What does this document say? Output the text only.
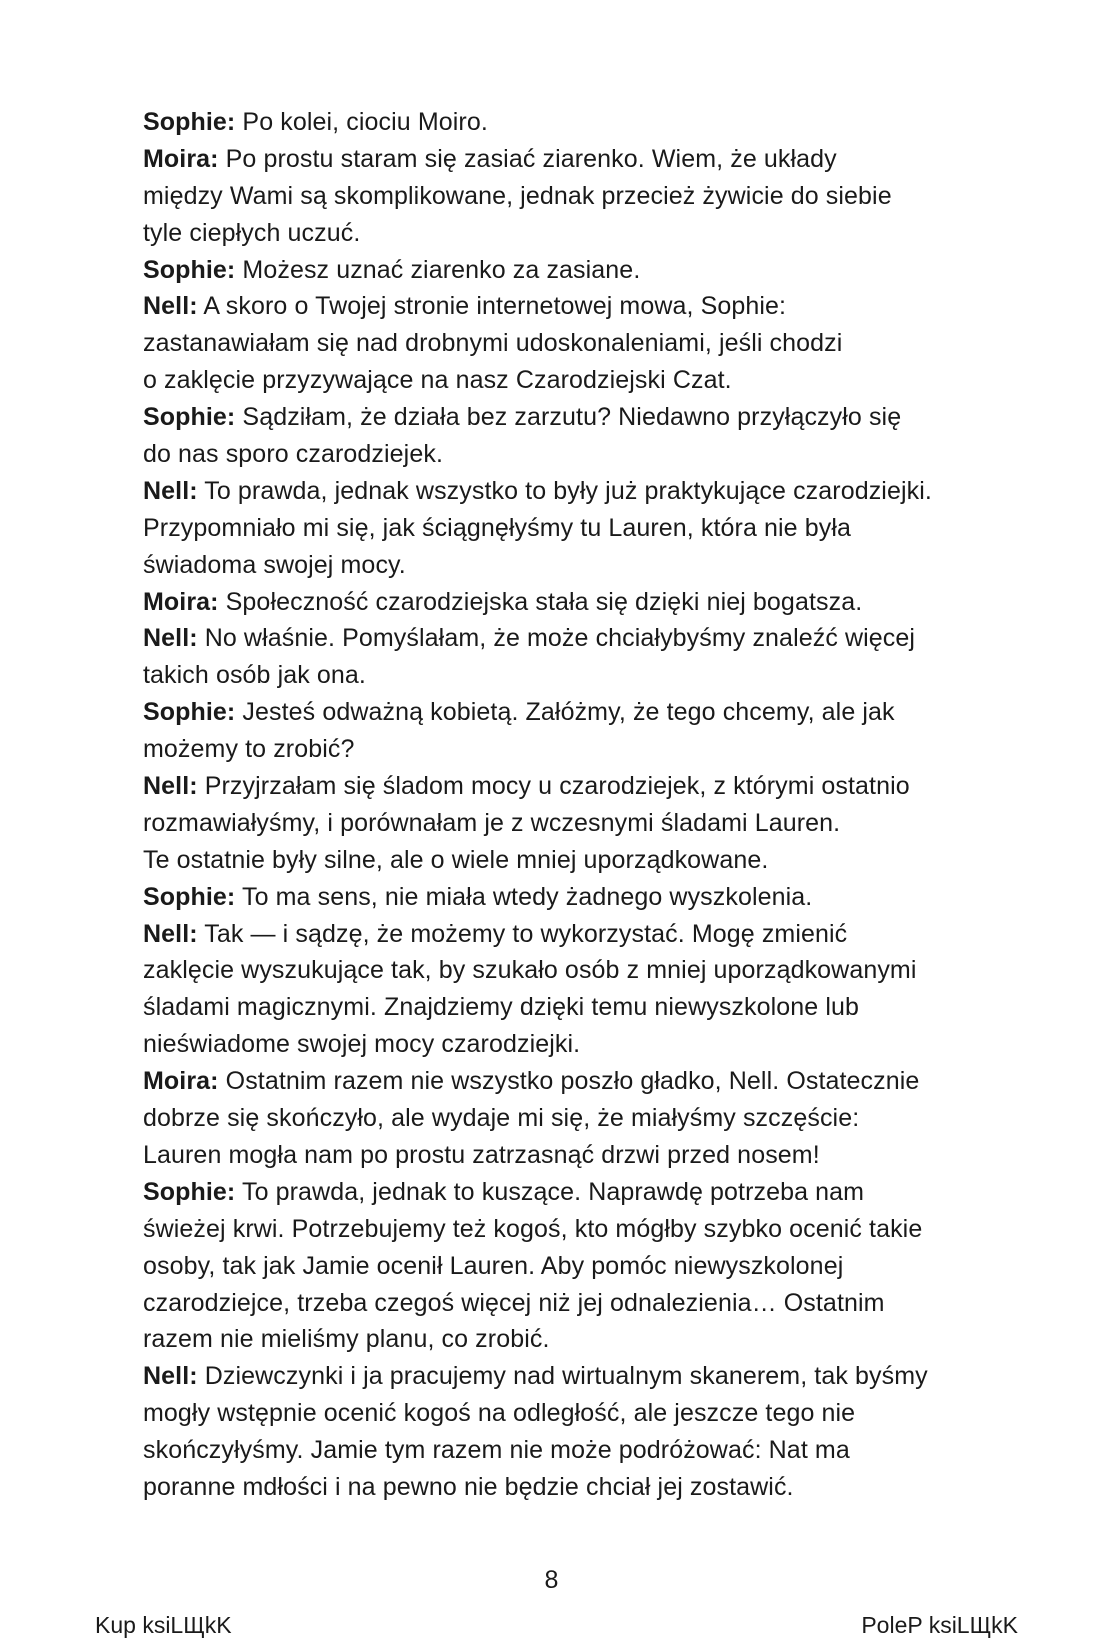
Sophie: Po kolei, ciociu Moiro.
Moira: Po prostu staram się zasiać ziarenko. Wiem, że układy
między Wami są skomplikowane, jednak przecież żywicie do siebie
tyle ciepłych uczuć.
Sophie: Możesz uznać ziarenko za zasiane.
Nell: A skoro o Twojej stronie internetowej mowa, Sophie:
zastanawiałam się nad drobnymi udoskonaleniami, jeśli chodzi
o zaklęcie przyzywające na nasz Czarodziejski Czat.
Sophie: Sądziłam, że działa bez zarzutu? Niedawno przyłączyło się
do nas sporo czarodziejek.
Nell: To prawda, jednak wszystko to były już praktykujące czarodziejki.
Przypomniało mi się, jak ściągnęłyśmy tu Lauren, która nie była
świadoma swojej mocy.
Moira: Społeczność czarodziejska stała się dzięki niej bogatsza.
Nell: No właśnie. Pomyślałam, że może chciałybyśmy znaleźć więcej
takich osób jak ona.
Sophie: Jesteś odważną kobietą. Załóżmy, że tego chcemy, ale jak
możemy to zrobić?
Nell: Przyjrzałam się śladom mocy u czarodziejek, z którymi ostatnio
rozmawiałyśmy, i porównałam je z wczesnymi śladami Lauren.
Te ostatnie były silne, ale o wiele mniej uporządkowane.
Sophie: To ma sens, nie miała wtedy żadnego wyszkolenia.
Nell: Tak — i sądzę, że możemy to wykorzystać. Mogę zmienić
zaklęcie wyszukujące tak, by szukało osób z mniej uporządkowanymi
śladami magicznymi. Znajdziemy dzięki temu niewyszkolone lub
nieświadome swojej mocy czarodziejki.
Moira: Ostatnim razem nie wszystko poszło gładko, Nell. Ostatecznie
dobrze się skończyło, ale wydaje mi się, że miałyśmy szczęście:
Lauren mogła nam po prostu zatrzasnąć drzwi przed nosem!
Sophie: To prawda, jednak to kuszące. Naprawdę potrzeba nam
świeżej krwi. Potrzebujemy też kogoś, kto mógłby szybko ocenić takie
osoby, tak jak Jamie ocenił Lauren. Aby pomóc niewyszkolonej
czarodziejce, trzeba czegoś więcej niż jej odnalezienia… Ostatnim
razem nie mieliśmy planu, co zrobić.
Nell: Dziewczynki i ja pracujemy nad wirtualnym skanerem, tak byśmy
mogły wstępnie ocenić kogoś na odległość, ale jeszcze tego nie
skończyłyśmy. Jamie tym razem nie może podróżować: Nat ma
poranne mdłości i na pewno nie będzie chciał jej zostawić.
8
Kup ksiLЩkK	PoleP ksiLЩkK
